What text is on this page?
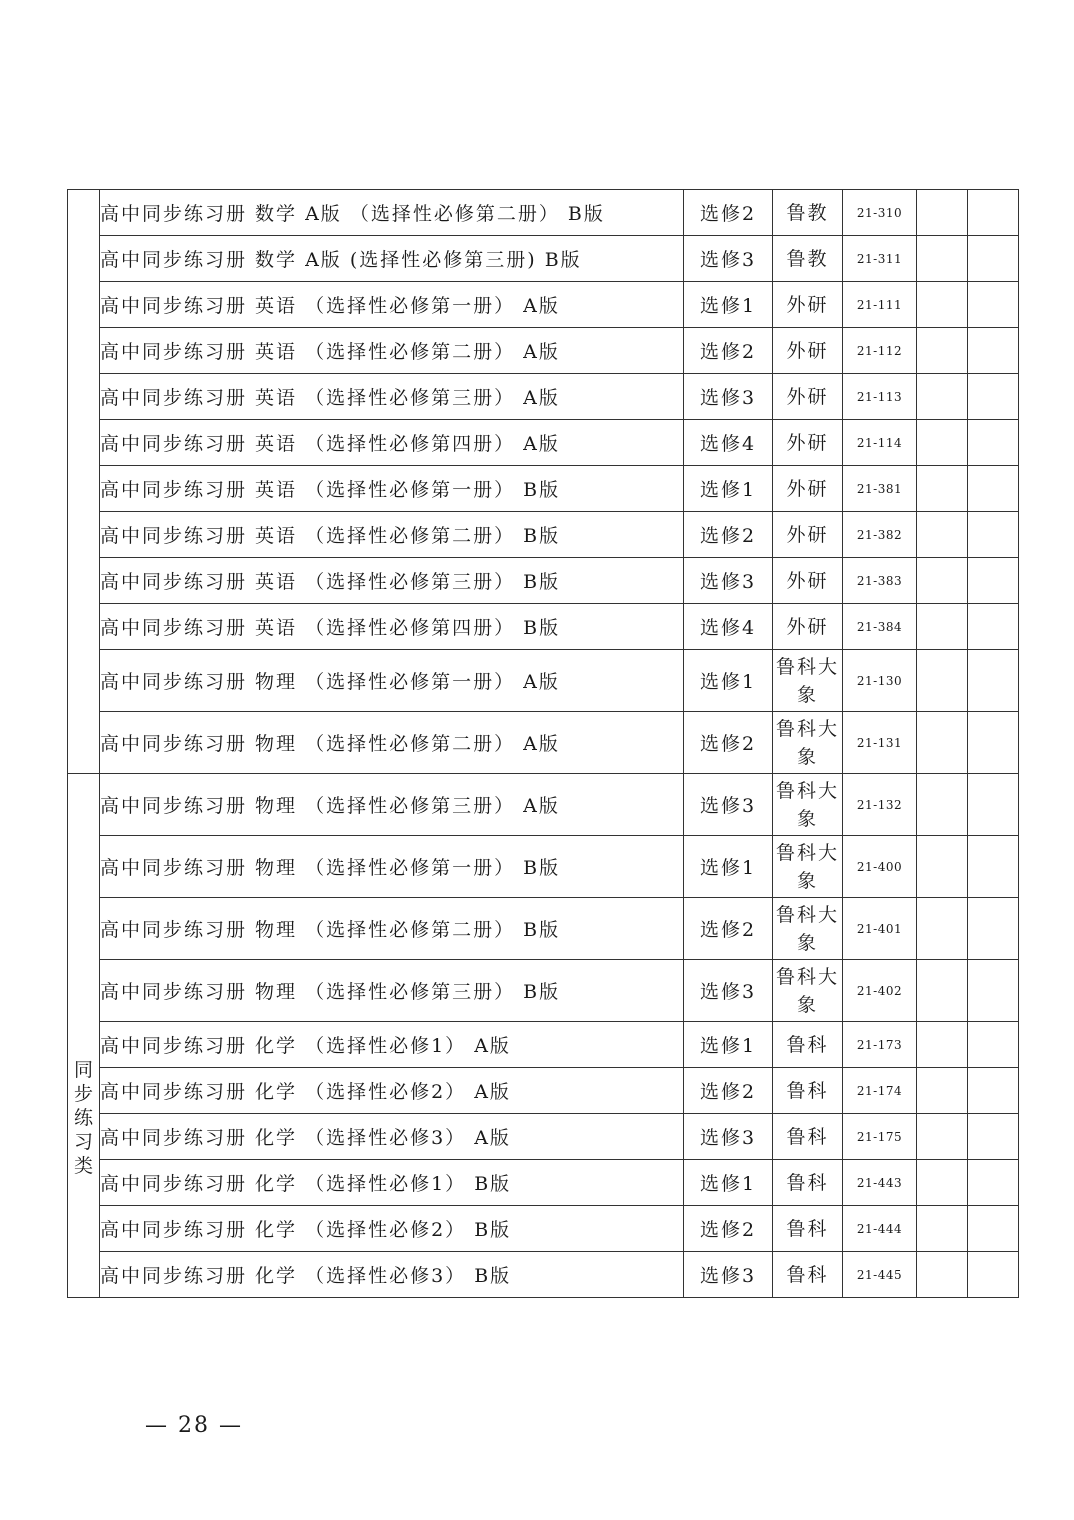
	高中同步练习册 数学 A版 （选择性必修第二册） B版	选修2	鲁教	21-310		
	高中同步练习册 数学 A版 (选择性必修第三册) B版	选修3	鲁教	21-311		
	高中同步练习册 英语 （选择性必修第一册） A版	选修1	外研	21-111		
	高中同步练习册 英语 （选择性必修第二册） A版	选修2	外研	21-112		
	高中同步练习册 英语 （选择性必修第三册） A版	选修3	外研	21-113		
	高中同步练习册 英语 （选择性必修第四册） A版	选修4	外研	21-114		
	高中同步练习册 英语 （选择性必修第一册） B版	选修1	外研	21-381		
	高中同步练习册 英语 （选择性必修第二册） B版	选修2	外研	21-382		
	高中同步练习册 英语 （选择性必修第三册） B版	选修3	外研	21-383		
	高中同步练习册 英语 （选择性必修第四册） B版	选修4	外研	21-384		
	高中同步练习册 物理 （选择性必修第一册） A版	选修1	鲁科大象	21-130		
	高中同步练习册 物理 （选择性必修第二册） A版	选修2	鲁科大象	21-131		

同步练习类	高中同步练习册 物理 （选择性必修第三册） A版	选修3	鲁科大象	21-132		
	高中同步练习册 物理 （选择性必修第一册） B版	选修1	鲁科大象	21-400		
	高中同步练习册 物理 （选择性必修第二册） B版	选修2	鲁科大象	21-401		
	高中同步练习册 物理 （选择性必修第三册） B版	选修3	鲁科大象	21-402		
	高中同步练习册 化学 （选择性必修1） A版	选修1	鲁科	21-173		
	高中同步练习册 化学 （选择性必修2） A版	选修2	鲁科	21-174		
	高中同步练习册 化学 （选择性必修3） A版	选修3	鲁科	21-175		
	高中同步练习册 化学 （选择性必修1） B版	选修1	鲁科	21-443		
	高中同步练习册 化学 （选择性必修2） B版	选修2	鲁科	21-444		
	高中同步练习册 化学 （选择性必修3） B版	选修3	鲁科	21-445		
— 28 —
